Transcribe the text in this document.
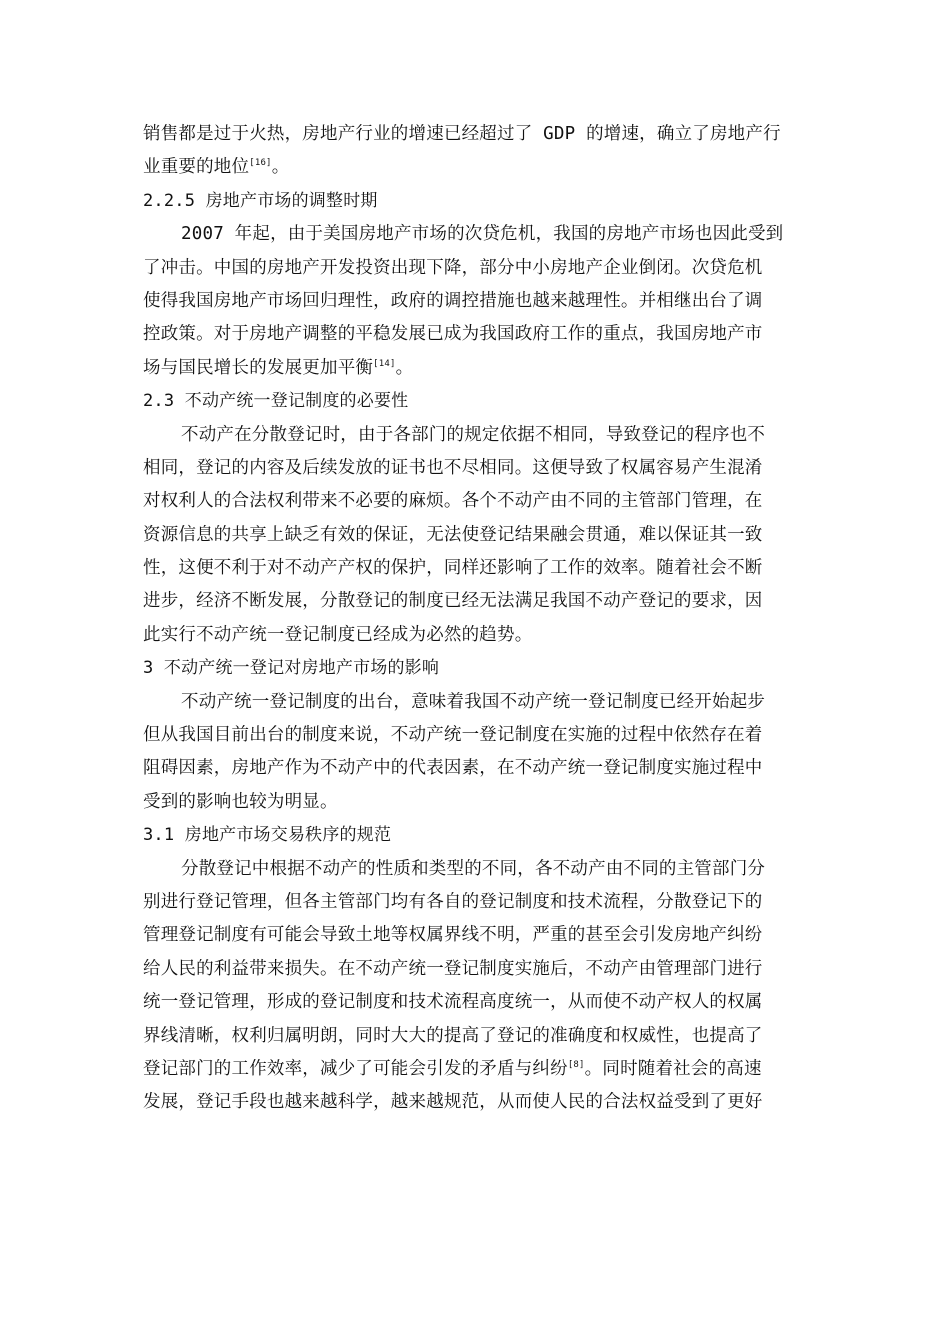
销售都是过于火热，房地产行业的增速已经超过了 GDP 的增速，确立了房地产行
业重要的地位[16]。
2.2.5 房地产市场的调整时期
2007 年起，由于美国房地产市场的次贷危机，我国的房地产市场也因此受到
了冲击。中国的房地产开发投资出现下降，部分中小房地产企业倒闭。次贷危机
使得我国房地产市场回归理性，政府的调控措施也越来越理性。并相继出台了调
控政策。对于房地产调整的平稳发展已成为我国政府工作的重点，我国房地产市
场与国民增长的发展更加平衡[14]。
2.3 不动产统一登记制度的必要性
不动产在分散登记时，由于各部门的规定依据不相同，导致登记的程序也不
相同，登记的内容及后续发放的证书也不尽相同。这便导致了权属容易产生混淆
对权利人的合法权利带来不必要的麻烦。各个不动产由不同的主管部门管理，在
资源信息的共享上缺乏有效的保证，无法使登记结果融会贯通，难以保证其一致
性，这便不利于对不动产产权的保护，同样还影响了工作的效率。随着社会不断
进步，经济不断发展，分散登记的制度已经无法满足我国不动产登记的要求，因
此实行不动产统一登记制度已经成为必然的趋势。
3 不动产统一登记对房地产市场的影响
不动产统一登记制度的出台，意味着我国不动产统一登记制度已经开始起步
但从我国目前出台的制度来说，不动产统一登记制度在实施的过程中依然存在着
阻碍因素，房地产作为不动产中的代表因素，在不动产统一登记制度实施过程中
受到的影响也较为明显。
3.1 房地产市场交易秩序的规范
分散登记中根据不动产的性质和类型的不同，各不动产由不同的主管部门分
别进行登记管理，但各主管部门均有各自的登记制度和技术流程，分散登记下的
管理登记制度有可能会导致土地等权属界线不明，严重的甚至会引发房地产纠纷
给人民的利益带来损失。在不动产统一登记制度实施后，不动产由管理部门进行
统一登记管理，形成的登记制度和技术流程高度统一，从而使不动产权人的权属
界线清晰，权利归属明朗，同时大大的提高了登记的准确度和权威性，也提高了
登记部门的工作效率，减少了可能会引发的矛盾与纠纷[8]。同时随着社会的高速
发展，登记手段也越来越科学，越来越规范，从而使人民的合法权益受到了更好
